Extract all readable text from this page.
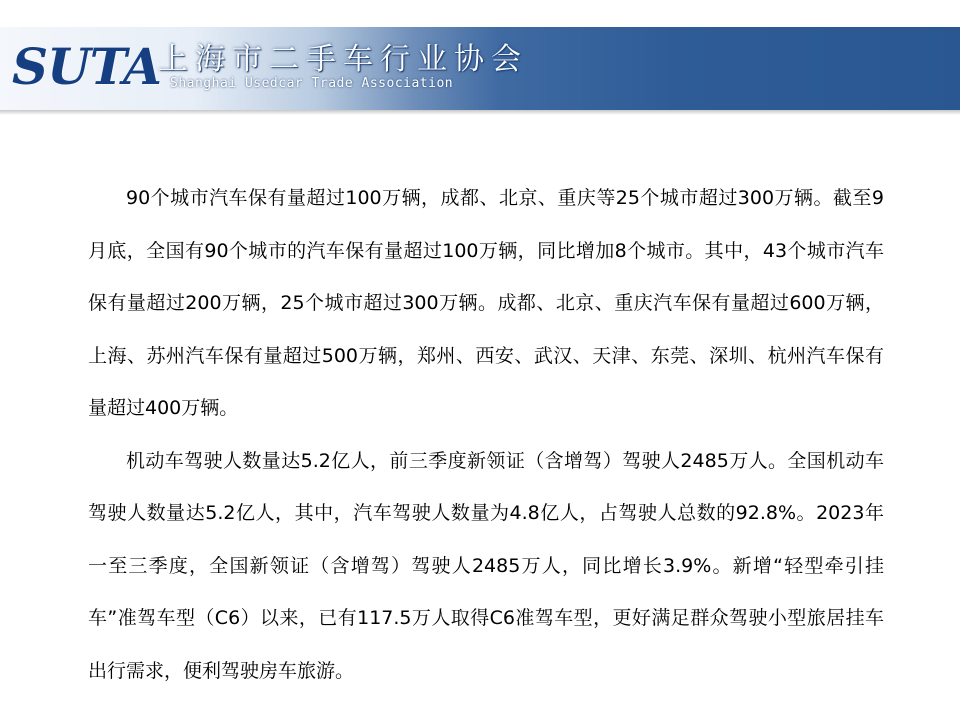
SUTA
上海市二手车行业协会
Shanghai Usedcar Trade Association

90个城市汽车保有量超过100万辆，成都、北京、重庆等25个城市超过300万辆。截至9月底，全国有90个城市的汽车保有量超过100万辆，同比增加8个城市。其中，43个城市汽车保有量超过200万辆，25个城市超过300万辆。成都、北京、重庆汽车保有量超过600万辆，上海、苏州汽车保有量超过500万辆，郑州、西安、武汉、天津、东莞、深圳、杭州汽车保有量超过400万辆。

机动车驾驶人数量达5.2亿人，前三季度新领证（含增驾）驾驶人2485万人。全国机动车驾驶人数量达5.2亿人，其中，汽车驾驶人数量为4.8亿人，占驾驶人总数的92.8%。2023年一至三季度，全国新领证（含增驾）驾驶人2485万人，同比增长3.9%。新增“轻型牵引挂车”准驾车型（C6）以来，已有117.5万人取得C6准驾车型，更好满足群众驾驶小型旅居挂车出行需求，便利驾驶房车旅游。
